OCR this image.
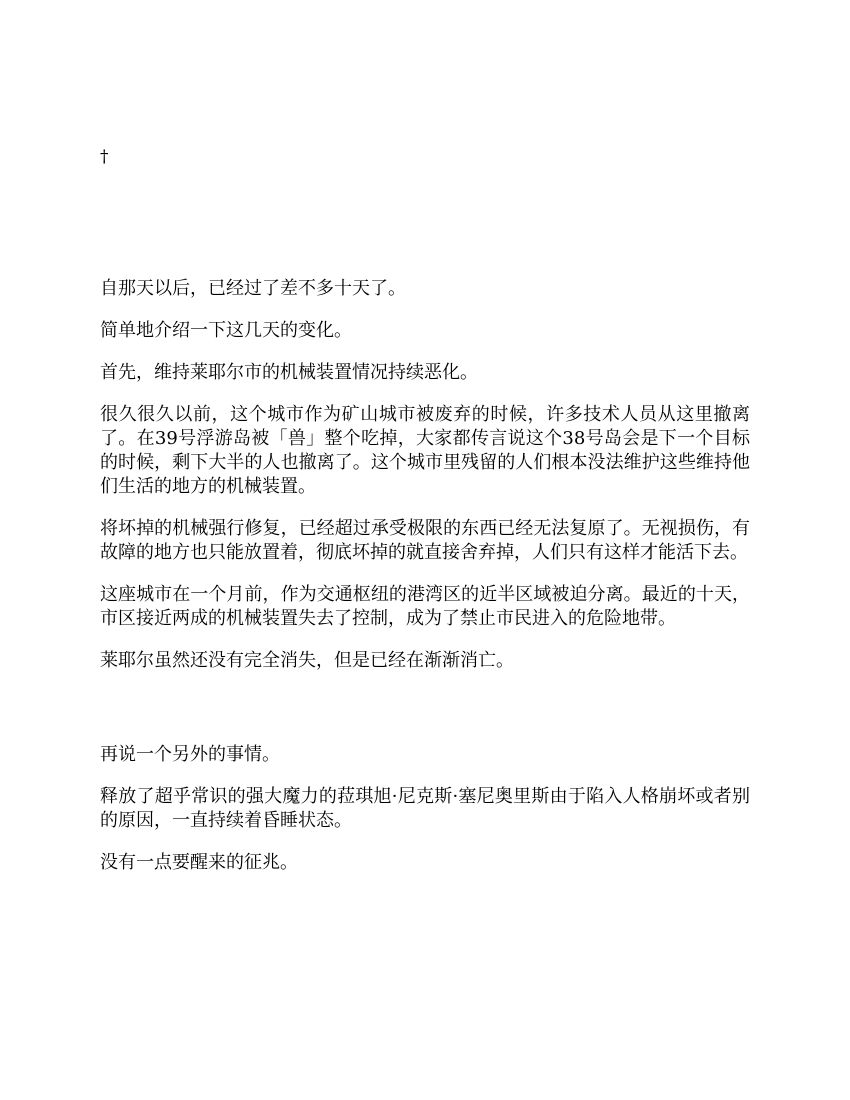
†

自那天以后，已经过了差不多十天了。

简单地介绍一下这几天的变化。

首先，维持莱耶尔市的机械装置情况持续恶化。

很久很久以前，这个城市作为矿山城市被废弃的时候，许多技术人员从这里撤离了。在39号浮游岛被「兽」整个吃掉，大家都传言说这个38号岛会是下一个目标的时候，剩下大半的人也撤离了。这个城市里残留的人们根本没法维护这些维持他们生活的地方的机械装置。

将坏掉的机械强行修复，已经超过承受极限的东西已经无法复原了。无视损伤，有故障的地方也只能放置着，彻底坏掉的就直接舍弃掉，人们只有这样才能活下去。

这座城市在一个月前，作为交通枢纽的港湾区的近半区域被迫分离。最近的十天，市区接近两成的机械装置失去了控制，成为了禁止市民进入的危险地带。

莱耶尔虽然还没有完全消失，但是已经在渐渐消亡。

再说一个另外的事情。

释放了超乎常识的强大魔力的菈琪旭·尼克斯·塞尼奥里斯由于陷入人格崩坏或者别的原因，一直持续着昏睡状态。

没有一点要醒来的征兆。
